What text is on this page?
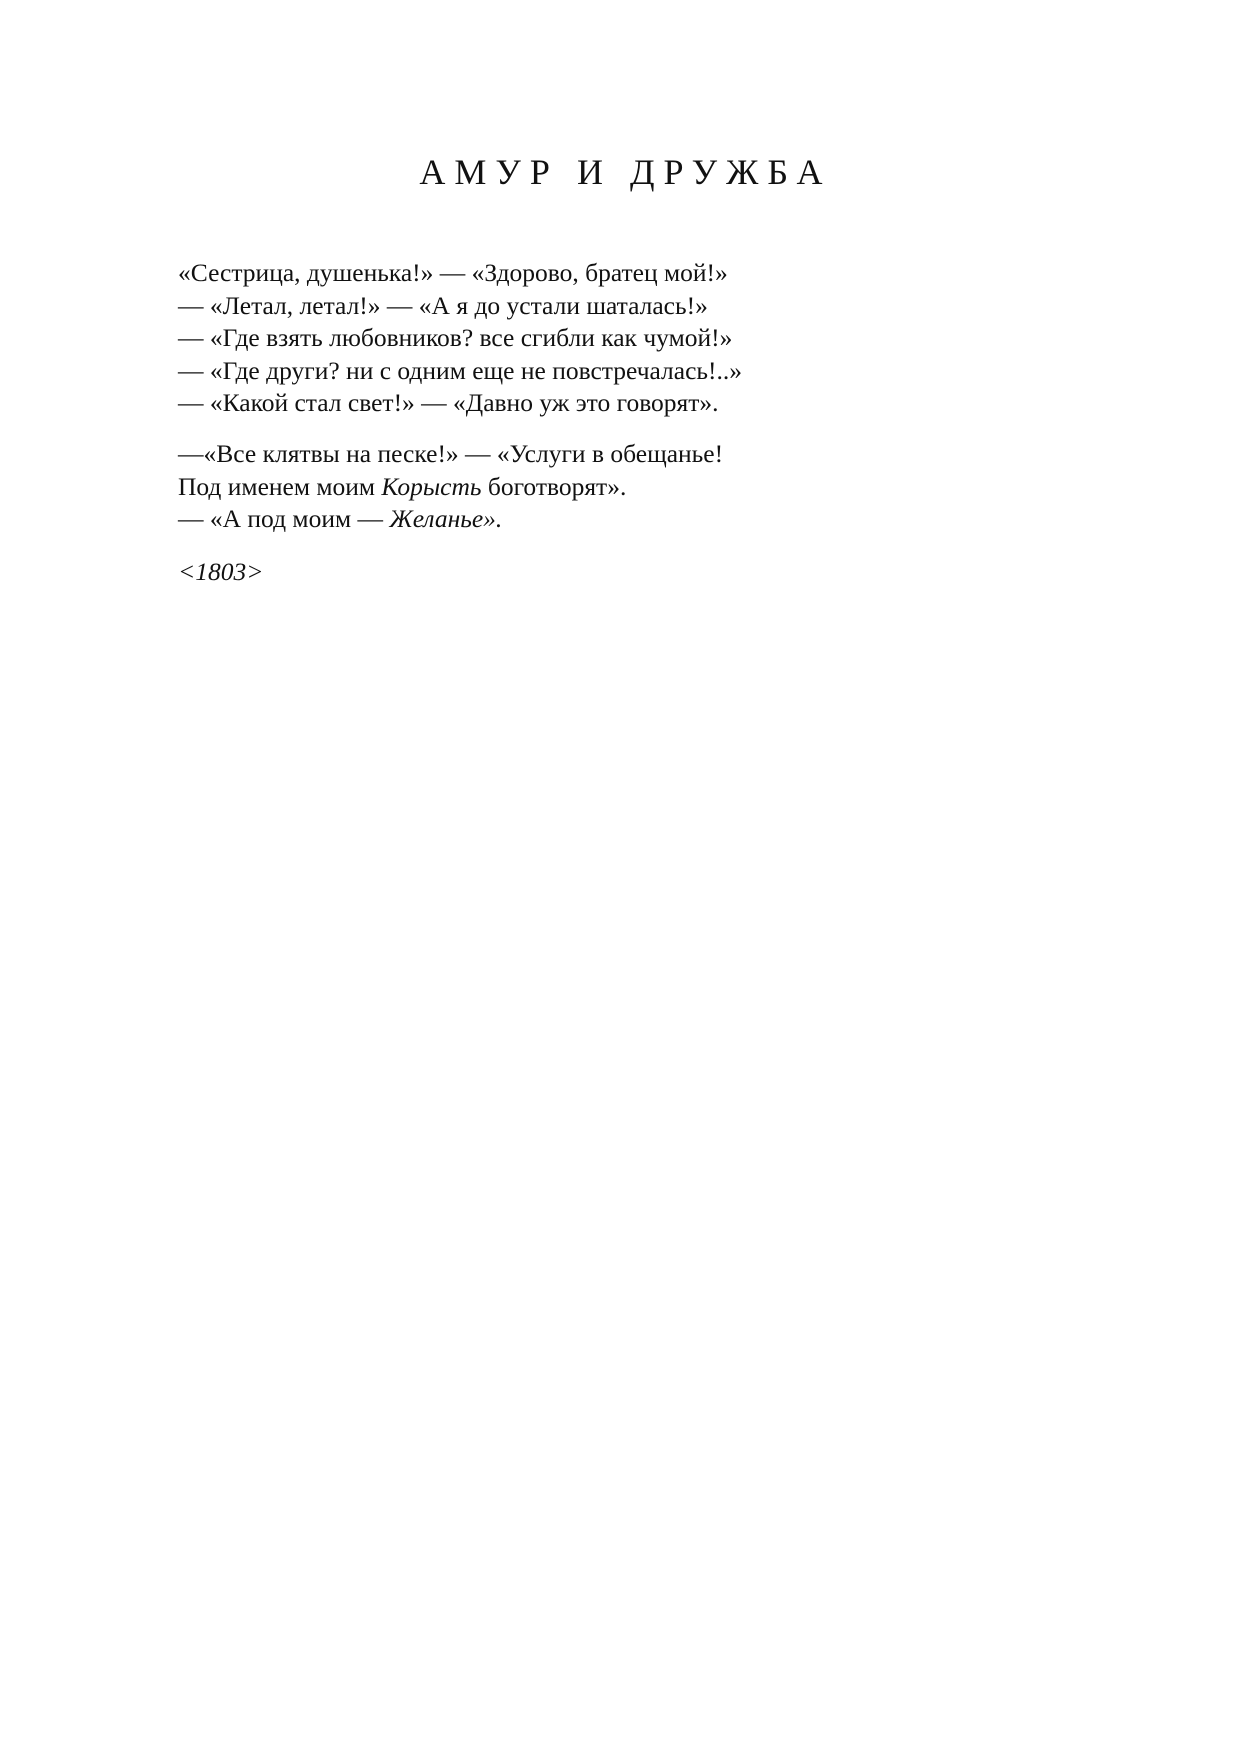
АМУР И ДРУЖБА
«Сестрица, душенька!» — «Здорово, братец мой!»
— «Летал, летал!» — «А я до устали шаталась!»
— «Где взять любовников? все сгибли как чумой!»
— «Где други? ни с одним еще не повстречалась!..»
— «Какой стал свет!» — «Давно уж это говорят».
—«Все клятвы на песке!» — «Услуги в обещанье!
Под именем моим Корысть боготворят».
— «А под моим — Желанье».
<1803>
